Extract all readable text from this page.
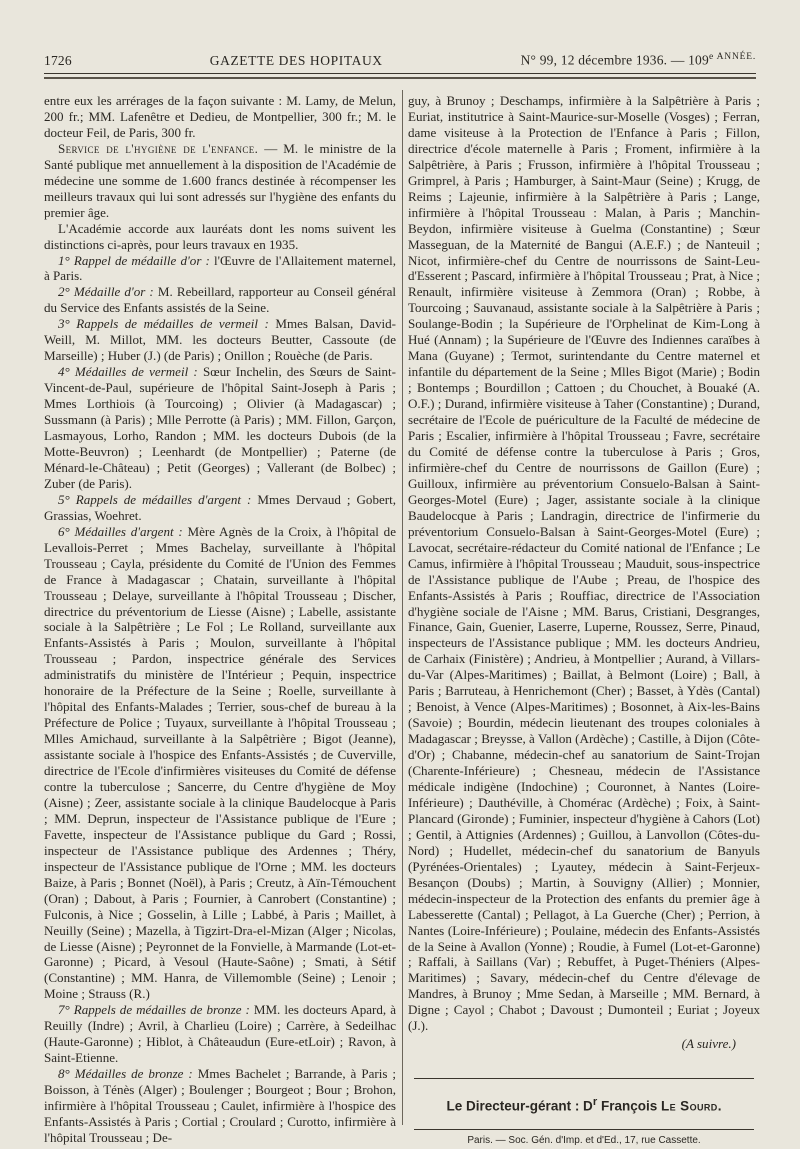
1726	GAZETTE DES HOPITAUX	N° 99, 12 décembre 1936. — $109^{e ANNÉE.}$

entre eux les arrérages de la façon suivante : M. Lamy, de Melun, 200 fr.; MM. Lafenêtre et Dedieu, de Montpellier, 300 fr.; M. le docteur Feil, de Paris, 300 fr.

Service de l'hygiène de l'enfance. — M. le ministre de la Santé publique met annuellement à la disposition de l'Académie de médecine une somme de 1.600 francs destinée à récompenser les meilleurs travaux qui lui sont adressés sur l'hygiène des enfants du premier âge.

L'Académie accorde aux lauréats dont les noms suivent les distinctions ci-après, pour leurs travaux en 1935.

1° Rappel de médaille d'or : l'Œuvre de l'Allaitement maternel, à Paris.

2° Médaille d'or : M. Rebeillard, rapporteur au Conseil général du Service des Enfants assistés de la Seine.

3° Rappels de médailles de vermeil : Mmes Balsan, David-Weill, M. Millot, MM. les docteurs Beutter, Cassoute (de Marseille) ; Huber (J.) (de Paris) ; Onillon ; Rouèche (de Paris.

4° Médailles de vermeil : Sœur Inchelin, des Sœurs de Saint-Vincent-de-Paul, supérieure de l'hôpital Saint-Joseph à Paris ; Mmes Lorthiois (à Tourcoing) ; Olivier (à Madagascar) ; Sussmann (à Paris) ; Mlle Perrotte (à Paris) ; MM. Fillon, Garçon, Lasmayous, Lorho, Randon ; MM. les docteurs Dubois (de la Motte-Beuvron) ; Leenhardt (de Montpellier) ; Paterne (de Ménard-le-Château) ; Petit (Georges) ; Vallerant (de Bolbec) ; Zuber (de Paris).

5° Rappels de médailles d'argent : Mmes Dervaud ; Gobert, Grassias, Woehret.

6° Médailles d'argent : Mère Agnès de la Croix, à l'hôpital de Levallois-Perret ; Mmes Bachelay, surveillante à l'hôpital Trousseau ; Cayla, présidente du Comité de l'Union des Femmes de France à Madagascar ; Chatain, surveillante à l'hôpital Trousseau ; Delaye, surveillante à l'hôpital Trousseau ; Discher, directrice du préventorium de Liesse (Aisne) ; Labelle, assistante sociale à la Salpêtrière ; Le Fol ; Le Rolland, surveillante aux Enfants-Assistés à Paris ; Moulon, surveillante à l'hôpital Trousseau ; Pardon, inspectrice générale des Services administratifs du ministère de l'Intérieur ; Pequin, inspectrice honoraire de la Préfecture de la Seine ; Roelle, surveillante à l'hôpital des Enfants-Malades ; Terrier, sous-chef de bureau à la Préfecture de Police ; Tuyaux, surveillante à l'hôpital Trousseau ; Mlles Amichaud, surveillante à la Salpêtrière ; Bigot (Jeanne), assistante sociale à l'hospice des Enfants-Assistés ; de Cuverville, directrice de l'Ecole d'infirmières visiteuses du Comité de défense contre la tuberculose ; Sancerre, du Centre d'hygiène de Moy (Aisne) ; Zeer, assistante sociale à la clinique Baudelocque à Paris ; MM. Deprun, inspecteur de l'Assistance publique de l'Eure ; Favette, inspecteur de l'Assistance publique du Gard ; Rossi, inspecteur de l'Assistance publique des Ardennes ; Théry, inspecteur de l'Assistance publique de l'Orne ; MM. les docteurs Baize, à Paris ; Bonnet (Noël), à Paris ; Creutz, à Aïn-Témouchent (Oran) ; Dabout, à Paris ; Fournier, à Canrobert (Constantine) ; Fulconis, à Nice ; Gosselin, à Lille ; Labbé, à Paris ; Maillet, à Neuilly (Seine) ; Mazella, à Tigzirt-Dra-el-Mizan (Alger ; Nicolas, de Liesse (Aisne) ; Peyronnet de la Fonvielle, à Marmande (Lot-et-Garonne) ; Picard, à Vesoul (Haute-Saône) ; Smati, à Sétif (Constantine) ; MM. Hanra, de Villemomble (Seine) ; Lenoir ; Moine ; Strauss (R.)

7° Rappels de médailles de bronze : MM. les docteurs Apard, à Reuilly (Indre) ; Avril, à Charlieu (Loire) ; Carrère, à Sedeilhac (Haute-Garonne) ; Hiblot, à Châteaudun (Eure-etLoir) ; Ravon, à Saint-Etienne.

8° Médailles de bronze : Mmes Bachelet ; Barrande, à Paris ; Boisson, à Ténès (Alger) ; Boulenger ; Bourgeot ; Bour ; Brohon, infirmière à l'hôpital Trousseau ; Caulet, infirmière à l'hospice des Enfants-Assistés à Paris ; Cortial ; Croulard ; Curotto, infirmière à l'hôpital Trousseau ; De-

guy, à Brunoy ; Deschamps, infirmière à la Salpêtrière à Paris ; Euriat, institutrice à Saint-Maurice-sur-Moselle (Vosges) ; Ferran, dame visiteuse à la Protection de l'Enfance à Paris ; Fillon, directrice d'école maternelle à Paris ; Froment, infirmière à la Salpêtrière, à Paris ; Frusson, infirmière à l'hôpital Trousseau ; Grimprel, à Paris ; Hamburger, à Saint-Maur (Seine) ; Krugg, de Reims ; Lajeunie, infirmière à la Salpêtrière à Paris ; Lange, infirmière à l'hôpital Trousseau : Malan, à Paris ; Manchin-Beydon, infirmière visiteuse à Guelma (Constantine) ; Sœur Masseguan, de la Maternité de Bangui (A.E.F.) ; de Nanteuil ; Nicot, infirmière-chef du Centre de nourrissons de Saint-Leu-d'Esserent ; Pascard, infirmière à l'hôpital Trousseau ; Prat, à Nice ; Renault, infirmière visiteuse à Zemmora (Oran) ; Robbe, à Tourcoing ; Sauvanaud, assistante sociale à la Salpêtrière à Paris ; Soulange-Bodin ; la Supérieure de l'Orphelinat de Kim-Long à Hué (Annam) ; la Supérieure de l'Œuvre des Indiennes caraïbes à Mana (Guyane) ; Termot, surintendante du Centre maternel et infantile du département de la Seine ; Mlles Bigot (Marie) ; Bodin ; Bontemps ; Bourdillon ; Cattoen ; du Chouchet, à Bouaké (A. O.F.) ; Durand, infirmière visiteuse à Taher (Constantine) ; Durand, secrétaire de l'Ecole de puériculture de la Faculté de médecine de Paris ; Escalier, infirmière à l'hôpital Trousseau ; Favre, secrétaire du Comité de défense contre la tuberculose à Paris ; Gros, infirmière-chef du Centre de nourrissons de Gaillon (Eure) ; Guilloux, infirmière au préventorium Consuelo-Balsan à Saint-Georges-Motel (Eure) ; Jager, assistante sociale à la clinique Baudelocque à Paris ; Landragin, directrice de l'infirmerie du préventorium Consuelo-Balsan à Saint-Georges-Motel (Eure) ; Lavocat, secrétaire-rédacteur du Comité national de l'Enfance ; Le Camus, infirmière à l'hôpital Trousseau ; Mauduit, sous-inspectrice de l'Assistance publique de l'Aube ; Preau, de l'hospice des Enfants-Assistés à Paris ; Rouffiac, directrice de l'Association d'hygiène sociale de l'Aisne ; MM. Barus, Cristiani, Desgranges, Finance, Gain, Guenier, Laserre, Luperne, Roussez, Serre, Pinaud, inspecteurs de l'Assistance publique ; MM. les docteurs Andrieu, de Carhaix (Finistère) ; Andrieu, à Montpellier ; Aurand, à Villars-du-Var (Alpes-Maritimes) ; Baillat, à Belmont (Loire) ; Ball, à Paris ; Barruteau, à Henrichemont (Cher) ; Basset, à Ydès (Cantal) ; Benoist, à Vence (Alpes-Maritimes) ; Bosonnet, à Aix-les-Bains (Savoie) ; Bourdin, médecin lieutenant des troupes coloniales à Madagascar ; Breysse, à Vallon (Ardèche) ; Castille, à Dijon (Côte-d'Or) ; Chabanne, médecin-chef au sanatorium de Saint-Trojan (Charente-Inférieure) ; Chesneau, médecin de l'Assistance médicale indigène (Indochine) ; Couronnet, à Nantes (Loire-Inférieure) ; Dauthéville, à Chomérac (Ardèche) ; Foix, à Saint-Plancard (Gironde) ; Fuminier, inspecteur d'hygiène à Cahors (Lot) ; Gentil, à Attignies (Ardennes) ; Guillou, à Lanvollon (Côtes-du-Nord) ; Hudellet, médecin-chef du sanatorium de Banyuls (Pyrénées-Orientales) ; Lyautey, médecin à Saint-Ferjeux-Besançon (Doubs) ; Martin, à Souvigny (Allier) ; Monnier, médecin-inspecteur de la Protection des enfants du premier âge à Labesserette (Cantal) ; Pellagot, à La Guerche (Cher) ; Perrion, à Nantes (Loire-Inférieure) ; Poulaine, médecin des Enfants-Assistés de la Seine à Avallon (Yonne) ; Roudie, à Fumel (Lot-et-Garonne) ; Raffali, à Saillans (Var) ; Rebuffet, à Puget-Théniers (Alpes-Maritimes) ; Savary, médecin-chef du Centre d'élevage de Mandres, à Brunoy ; Mme Sedan, à Marseille ; MM. Bernard, à Digne ; Cayol ; Chabot ; Davoust ; Dumonteil ; Euriat ; Joyeux (J.).

(A suivre.)

Le Directeur-gérant : $D^r$ François Le Sourd.
Paris. — Soc. Gén. d'Imp. et d'Ed., 17, rue Cassette.
